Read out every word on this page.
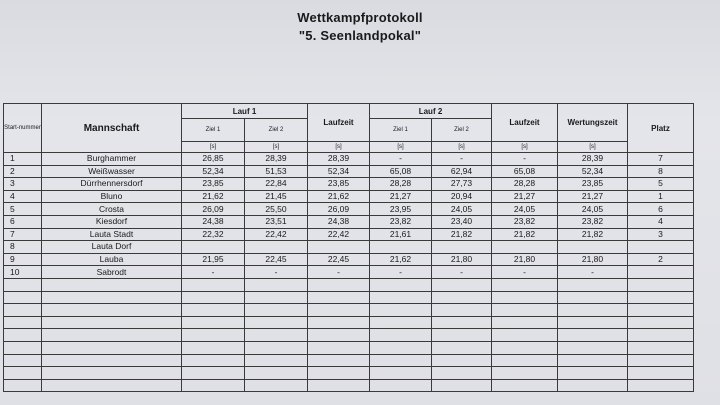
Wettkampfprotokoll
"5. Seenlandpokal"
Start-nummer	Mannschaft	Lauf 1		Laufzeit	Lauf 2		Laufzeit	Wertungszeit	Platz
		Ziel 1	Ziel 2		Ziel 1	Ziel 2			
		[s]	[s]	[s]	[s]	[s]	[s]	[s]	
1	Burghammer	26,85	28,39	28,39	-	-	-	28,39	7
2	Weißwasser	52,34	51,53	52,34	65,08	62,94	65,08	52,34	8
3	Dürrhennersdorf	23,85	22,84	23,85	28,28	27,73	28,28	23,85	5
4	Bluno	21,62	21,45	21,62	21,27	20,94	21,27	21,27	1
5	Crosta	26,09	25,50	26,09	23,95	24,05	24,05	24,05	6
6	Kiesdorf	24,38	23,51	24,38	23,82	23,40	23,82	23,82	4
7	Lauta Stadt	22,32	22,42	22,42	21,61	21,82	21,82	21,82	3
8	Lauta Dorf								
9	Lauba	21,95	22,45	22,45	21,62	21,80	21,80	21,80	2
10	Sabrodt	-	-	-	-	-	-	-	
